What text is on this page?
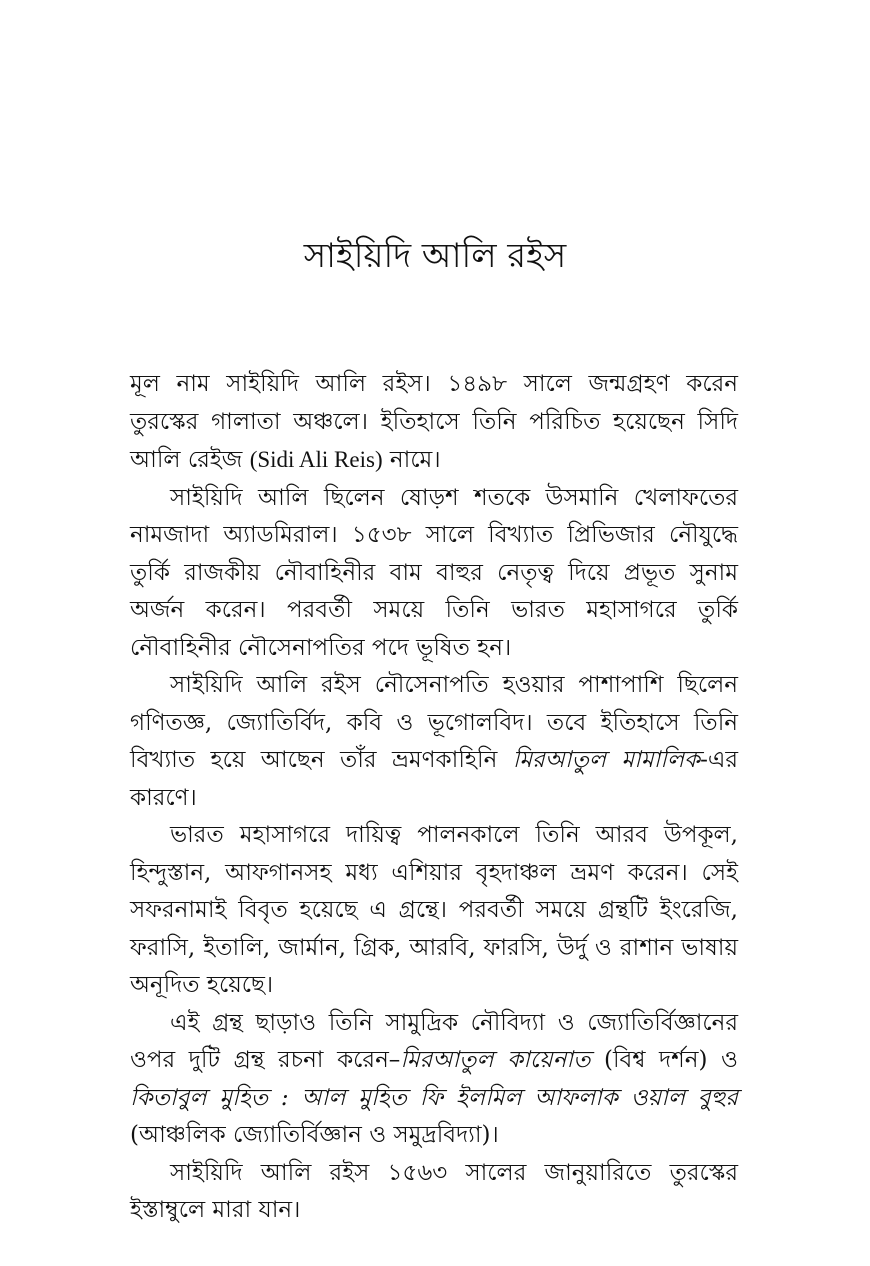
সাইয়িদি আলি রইস

মূল নাম সাইয়িদি আলি রইস। ১৪৯৮ সালে জন্মগ্রহণ করেন তুরস্কের গালাতা অঞ্চলে। ইতিহাসে তিনি পরিচিত হয়েছেন সিদি আলি রেইজ (Sidi Ali Reis) নামে।

সাইয়িদি আলি ছিলেন ষোড়শ শতকে উসমানি খেলাফতের নামজাদা অ্যাডমিরাল। ১৫৩৮ সালে বিখ্যাত প্রিভিজার নৌযুদ্ধে তুর্কি রাজকীয় নৌবাহিনীর বাম বাহুর নেতৃত্ব দিয়ে প্রভূত সুনাম অর্জন করেন। পরবর্তী সময়ে তিনি ভারত মহাসাগরে তুর্কি নৌবাহিনীর নৌসেনাপতির পদে ভূষিত হন।

সাইয়িদি আলি রইস নৌসেনাপতি হওয়ার পাশাপাশি ছিলেন গণিতজ্ঞ, জ্যোতির্বিদ, কবি ও ভূগোলবিদ। তবে ইতিহাসে তিনি বিখ্যাত হয়ে আছেন তাঁর ভ্রমণকাহিনি মিরআতুল মামালিক-এর কারণে।

ভারত মহাসাগরে দায়িত্ব পালনকালে তিনি আরব উপকূল, হিন্দুস্তান, আফগানসহ মধ্য এশিয়ার বৃহদাঞ্চল ভ্রমণ করেন। সেই সফরনামাই বিবৃত হয়েছে এ গ্রন্থে। পরবর্তী সময়ে গ্রন্থটি ইংরেজি, ফরাসি, ইতালি, জার্মান, গ্রিক, আরবি, ফারসি, উর্দু ও রাশান ভাষায় অনূদিত হয়েছে।

এই গ্রন্থ ছাড়াও তিনি সামুদ্রিক নৌবিদ্যা ও জ্যোতির্বিজ্ঞানের ওপর দুটি গ্রন্থ রচনা করেন–মিরআতুল কায়েনাত (বিশ্ব দর্শন) ও কিতাবুল মুহিত : আল মুহিত ফি ইলমিল আফলাক ওয়াল বুহুর (আঞ্চলিক জ্যোতির্বিজ্ঞান ও সমুদ্রবিদ্যা)।

সাইয়িদি আলি রইস ১৫৬৩ সালের জানুয়ারিতে তুরস্কের ইস্তাম্বুলে মারা যান।
